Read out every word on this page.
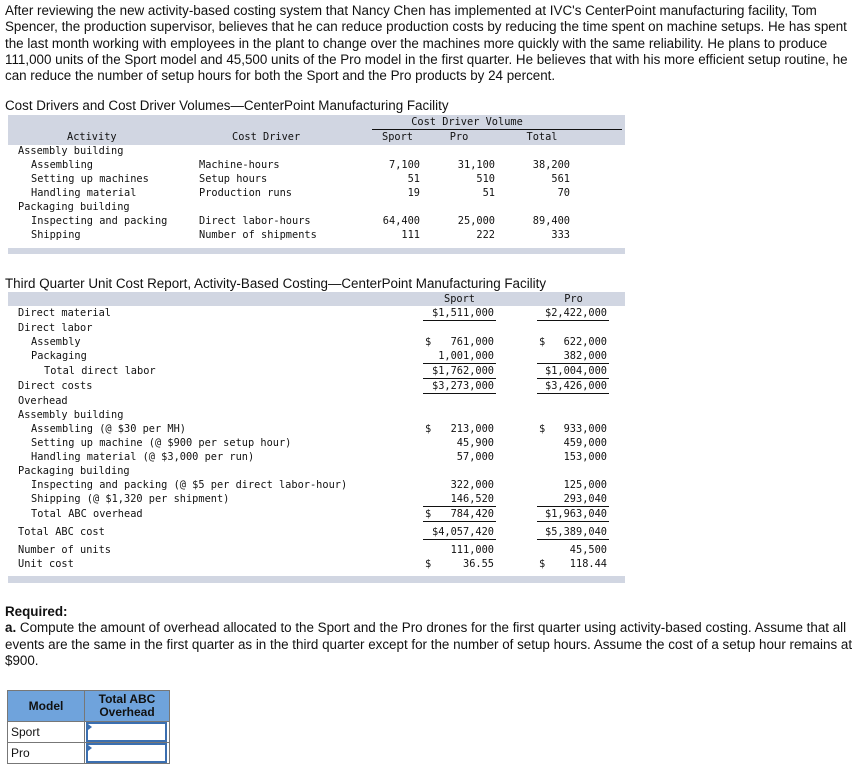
After reviewing the new activity-based costing system that Nancy Chen has implemented at IVC's CenterPoint manufacturing facility, Tom Spencer, the production supervisor, believes that he can reduce production costs by reducing the time spent on machine setups. He has spent the last month working with employees in the plant to change over the machines more quickly with the same reliability. He plans to produce 111,000 units of the Sport model and 45,500 units of the Pro model in the first quarter. He believes that with his more efficient setup routine, he can reduce the number of setup hours for both the Sport and the Pro products by 24 percent.
Cost Drivers and Cost Driver Volumes—CenterPoint Manufacturing Facility
Cost Driver Volume
Activity	Cost Driver	Sport	Pro	Total
Assembly building
Assembling	Machine-hours	7,100	31,100	38,200
Setting up machines	Setup hours	51	510	561
Handling material	Production runs	19	51	70
Packaging building
Inspecting and packing	Direct labor-hours	64,400	25,000	89,400
Shipping	Number of shipments	111	222	333
Third Quarter Unit Cost Report, Activity-Based Costing—CenterPoint Manufacturing Facility
Sport	Pro
Direct material	$1,511,000	$2,422,000
Direct labor
Assembly	$	761,000	$	622,000
Packaging	1,001,000	382,000
Total direct labor	$1,762,000	$1,004,000
Direct costs	$3,273,000	$3,426,000
Overhead
Assembly building
Assembling (@ $30 per MH)	$	213,000	$	933,000
Setting up machine (@ $900 per setup hour)	45,900	459,000
Handling material (@ $3,000 per run)	57,000	153,000
Packaging building
Inspecting and packing (@ $5 per direct labor-hour)	322,000	125,000
Shipping (@ $1,320 per shipment)	146,520	293,040
Total ABC overhead	$	784,420	$1,963,040
Total ABC cost	$4,057,420	$5,389,040
Number of units	111,000	45,500
Unit cost	$	36.55	$	118.44
Required:
a. Compute the amount of overhead allocated to the Sport and the Pro drones for the first quarter using activity-based costing. Assume that all events are the same in the first quarter as in the third quarter except for the number of setup hours. Assume the cost of a setup hour remains at $900.
Model	Total ABC Overhead
Sport	

Pro	
